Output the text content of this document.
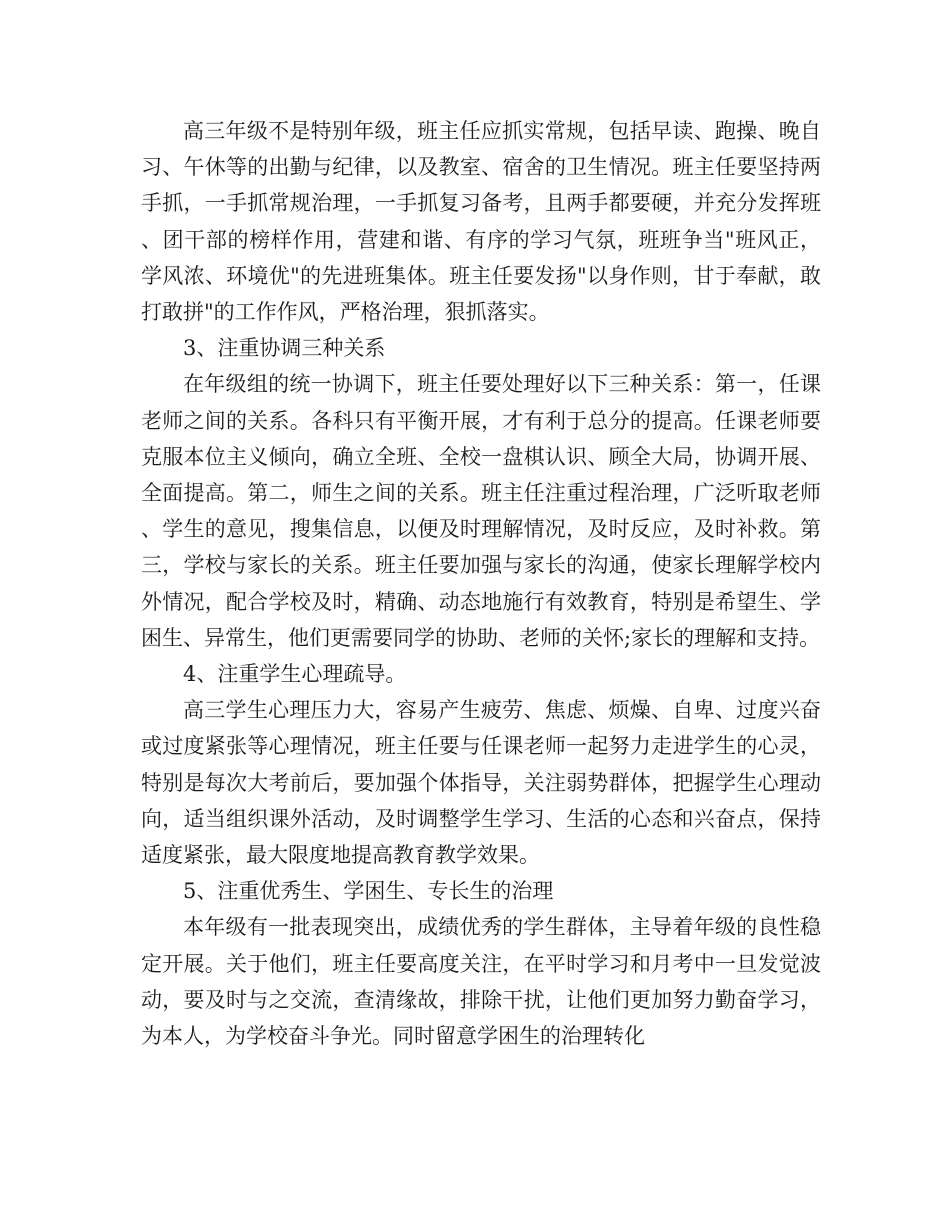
高三年级不是特别年级，班主任应抓实常规，包括早读、跑操、晚自习、午休等的出勤与纪律，以及教室、宿舍的卫生情况。班主任要坚持两手抓，一手抓常规治理，一手抓复习备考，且两手都要硬，并充分发挥班、团干部的榜样作用，营建和谐、有序的学习气氛，班班争当"班风正，学风浓、环境优"的先进班集体。班主任要发扬"以身作则，甘于奉献，敢打敢拼"的工作作风，严格治理，狠抓落实。

3、注重协调三种关系

在年级组的统一协调下，班主任要处理好以下三种关系：第一，任课老师之间的关系。各科只有平衡开展，才有利于总分的提高。任课老师要克服本位主义倾向，确立全班、全校一盘棋认识、顾全大局，协调开展、全面提高。第二，师生之间的关系。班主任注重过程治理，广泛听取老师、学生的意见，搜集信息，以便及时理解情况，及时反应，及时补救。第三，学校与家长的关系。班主任要加强与家长的沟通，使家长理解学校内外情况，配合学校及时，精确、动态地施行有效教育，特别是希望生、学困生、异常生，他们更需要同学的协助、老师的关怀;家长的理解和支持。

4、注重学生心理疏导。

高三学生心理压力大，容易产生疲劳、焦虑、烦燥、自卑、过度兴奋或过度紧张等心理情况，班主任要与任课老师一起努力走进学生的心灵，特别是每次大考前后，要加强个体指导，关注弱势群体，把握学生心理动向，适当组织课外活动，及时调整学生学习、生活的心态和兴奋点，保持适度紧张，最大限度地提高教育教学效果。

5、注重优秀生、学困生、专长生的治理

本年级有一批表现突出，成绩优秀的学生群体，主导着年级的良性稳定开展。关于他们，班主任要高度关注，在平时学习和月考中一旦发觉波动，要及时与之交流，查清缘故，排除干扰，让他们更加努力勤奋学习，为本人，为学校奋斗争光。同时留意学困生的治理转化
